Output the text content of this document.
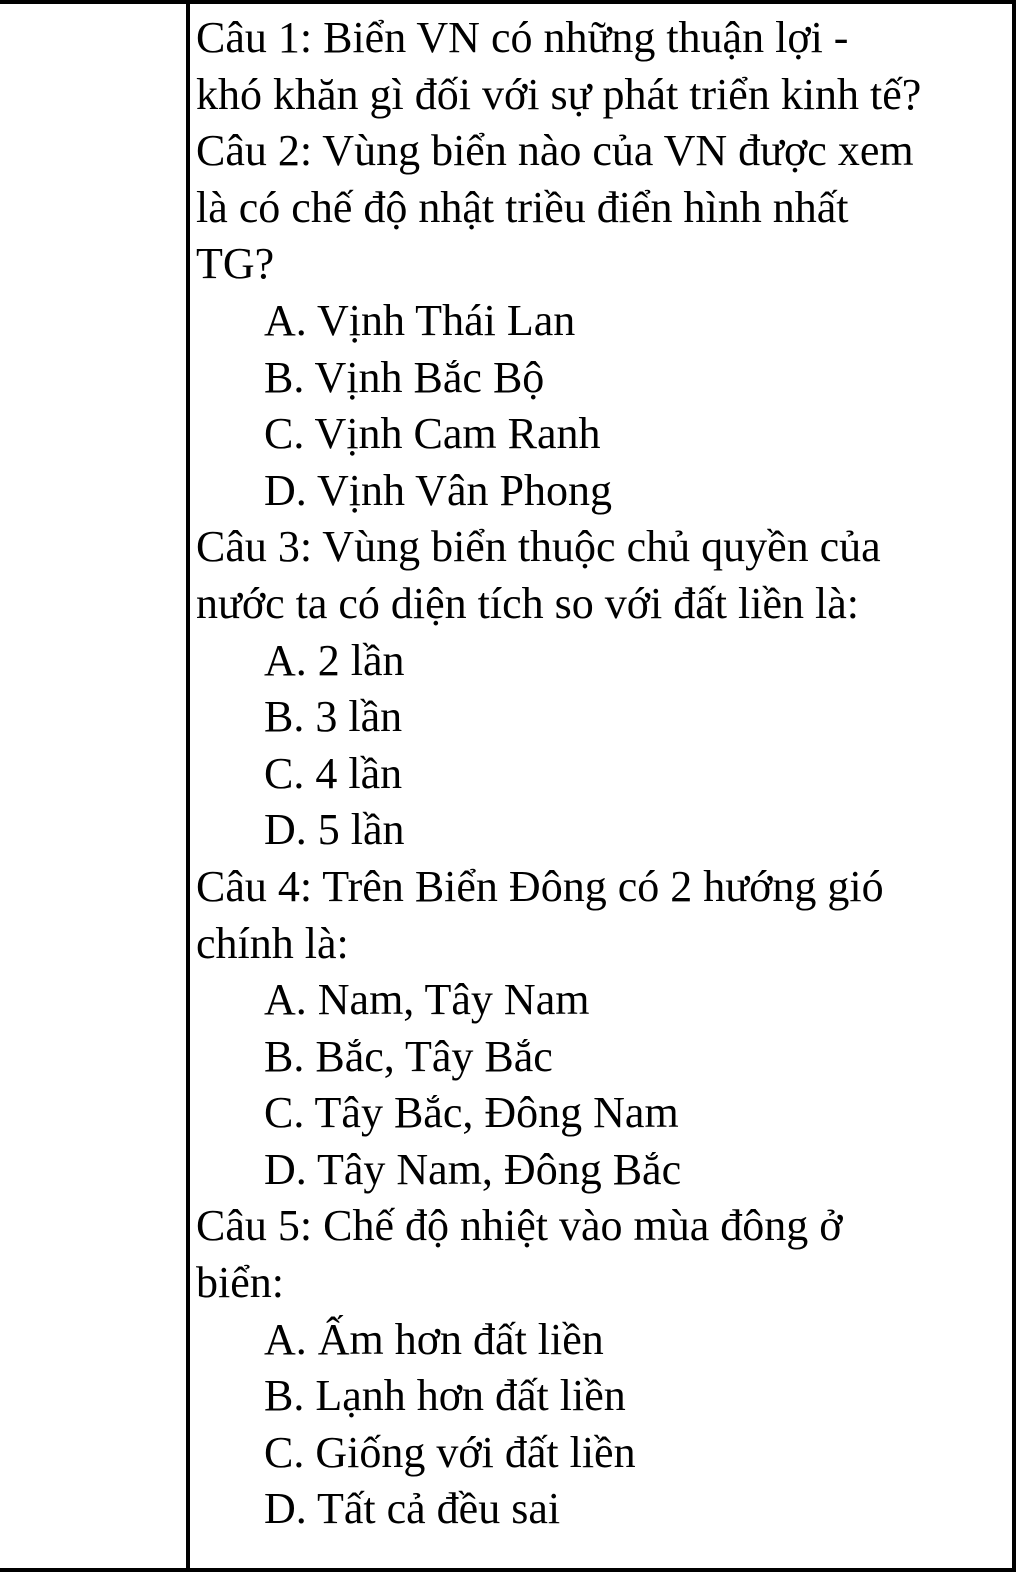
Câu 1: Biển VN có những thuận lợi -
khó khăn gì đối với sự phát triển kinh tế?
Câu 2: Vùng biển nào của VN được xem
là có chế độ nhật triều điển hình nhất
TG?
A. Vịnh Thái Lan
B. Vịnh Bắc Bộ
C. Vịnh Cam Ranh
D. Vịnh Vân Phong
Câu 3: Vùng biển thuộc chủ quyền của
nước ta có diện tích so với đất liền là:
A. 2 lần
B. 3 lần
C. 4 lần
D. 5 lần
Câu 4: Trên Biển Đông có 2 hướng gió
chính là:
A. Nam, Tây Nam
B. Bắc, Tây Bắc
C. Tây Bắc, Đông Nam
D. Tây Nam, Đông Bắc
Câu 5: Chế độ nhiệt vào mùa đông ở
biển:
A. Ấm hơn đất liền
B. Lạnh hơn đất liền
C. Giống với đất liền
D. Tất cả đều sai
